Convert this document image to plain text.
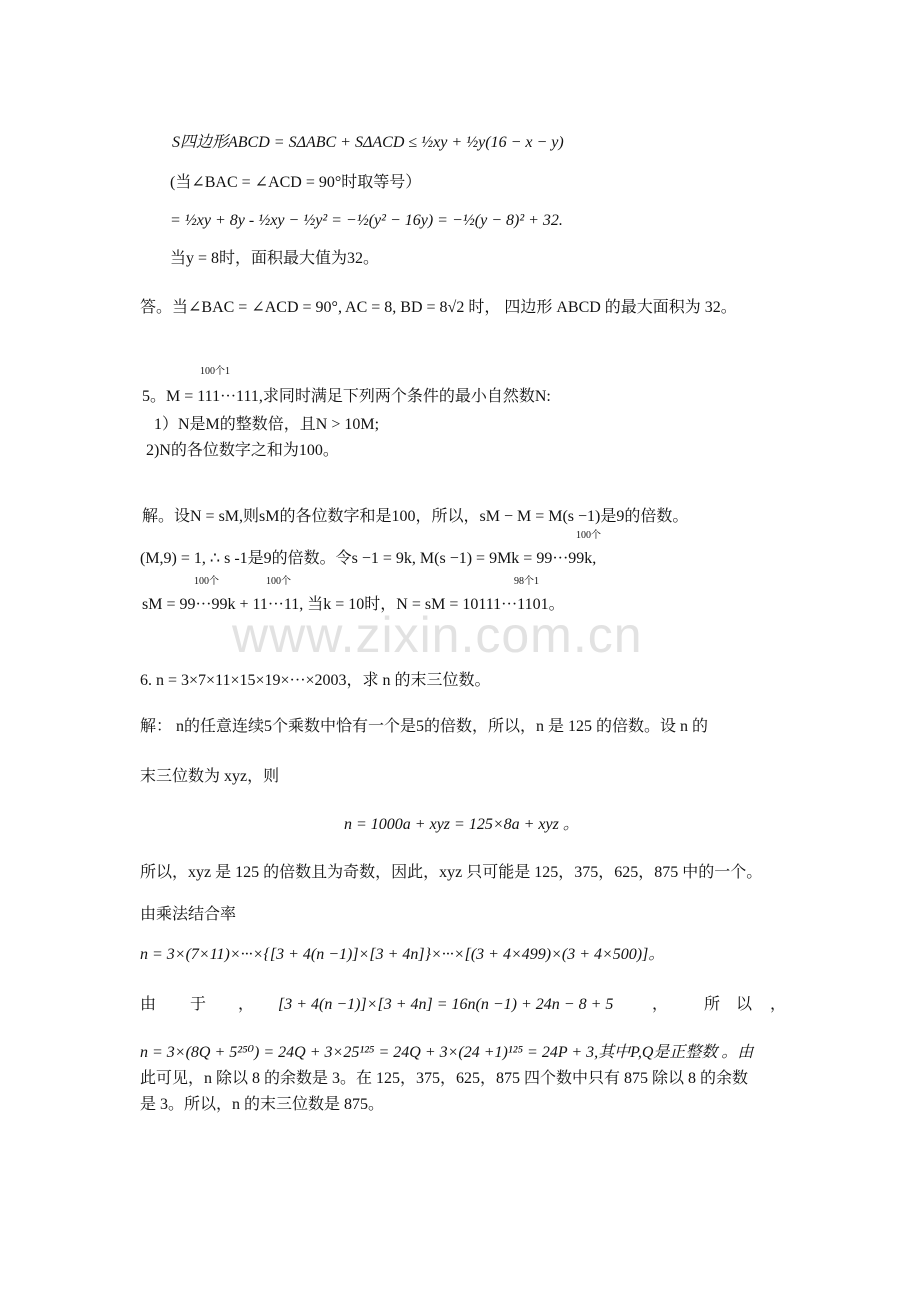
www.zixin.com.cn
S四边形ABCD = SΔABC + SΔACD ≤ ½xy + ½y(16 − x − y)
(当∠BAC = ∠ACD = 90°时取等号）
= ½xy + 8y - ½xy − ½y² = −½(y² − 16y) = −½(y − 8)² + 32.
当y = 8时，面积最大值为32。
答。当∠BAC = ∠ACD = 90°, AC = 8, BD = 8√2 时， 四边形 ABCD 的最大面积为 32。
100个1
5。M = 111···111,求同时满足下列两个条件的最小自然数N:
1）N是M的整数倍，且N > 10M;
2)N的各位数字之和为100。
解。设N = sM,则sM的各位数字和是100，所以，sM − M = M(s −1)是9的倍数。
100个
(M,9) = 1, ∴ s -1是9的倍数。令s −1 = 9k, M(s −1) = 9Mk = 99···99k,
100个	100个	98个1
sM = 99···99k + 11···11, 当k = 10时，N = sM = 10111···1101。
6. n = 3×7×11×15×19×···×2003，求 n 的末三位数。
解： n的任意连续5个乘数中恰有一个是5的倍数，所以，n 是 125 的倍数。设 n 的
末三位数为 xyz，则
n = 1000a + xyz = 125×8a + xyz 。
所以，xyz 是 125 的倍数且为奇数，因此，xyz 只可能是 125，375，625，875 中的一个。
由乘法结合率
n = 3×(7×11)×···×{[3 + 4(n −1)]×[3 + 4n]}×···×[(3 + 4×499)×(3 + 4×500)]。
由 于 ， [3 + 4(n −1)]×[3 + 4n] = 16n(n −1) + 24n − 8 + 5 ， 所 以 ，
n = 3×(8Q + 5²⁵⁰) = 24Q + 3×25¹²⁵ = 24Q + 3×(24 +1)¹²⁵ = 24P + 3,其中P,Q是正整数 。由
此可见，n 除以 8 的余数是 3。在 125，375，625，875 四个数中只有 875 除以 8 的余数
是 3。所以，n 的末三位数是 875。
